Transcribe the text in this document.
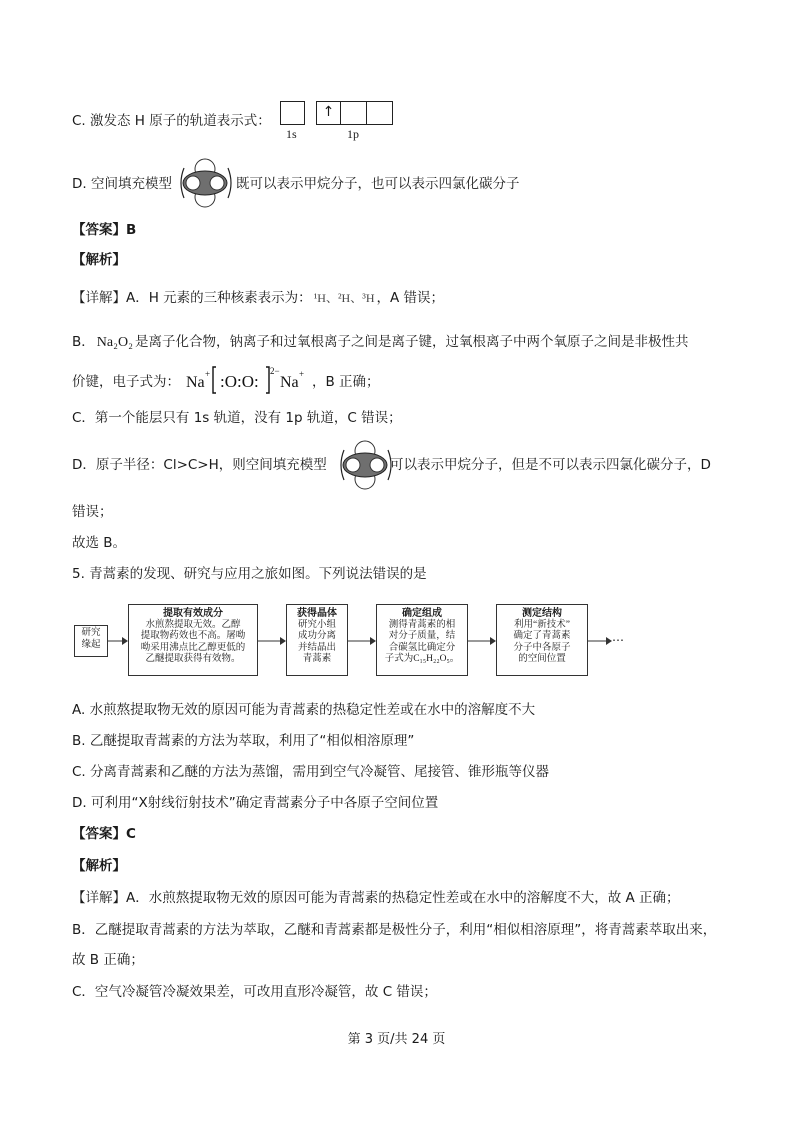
C. 激发态 H 原子的轨道表示式：
↑
1s	1p
D. 空间填充模型	既可以表示甲烷分子，也可以表示四氯化碳分子
【答案】B
【解析】
【详解】A．H 元素的三种核素表示为： ¹H、²H、³H ，A 错误；
B． Na₂O₂ 是离子化合物，钠离子和过氧根离子之间是离子键，过氧根离子中两个氧原子之间是非极性共
价键，电子式为： Na + :O:O:
2−
Na + ，B 正确；
C．第一个能层只有 1s 轨道，没有 1p 轨道，C 错误；
D．原子半径：Cl>C>H，则空间填充模型	可以表示甲烷分子，但是不可以表示四氯化碳分子，D
错误；
故选 B。
5. 青蒿素的发现、研究与应用之旅如图。下列说法错误的是
研究
缘起
提取有效成分
水煎熬提取无效。乙醇
提取物药效也不高。屠呦
呦采用沸点比乙醇更低的
乙醚提取获得有效物。
获得晶体
研究小组
成功分离
并结晶出
青蒿素
确定组成
测得青蒿素的相
对分子质量，结
合碳氢比确定分
子式为C₁₅H₂₂O₅。
测定结构
利用“新技术”
确定了青蒿素
分子中各原子
的空间位置
…
A. 水煎熬提取物无效的原因可能为青蒿素的热稳定性差或在水中的溶解度不大
B. 乙醚提取青蒿素的方法为萃取，利用了“相似相溶原理”
C. 分离青蒿素和乙醚的方法为蒸馏，需用到空气冷凝管、尾接管、锥形瓶等仪器
D. 可利用“X射线衍射技术”确定青蒿素分子中各原子空间位置
【答案】C
【解析】
【详解】A．水煎熬提取物无效的原因可能为青蒿素的热稳定性差或在水中的溶解度不大，故 A 正确；
B．乙醚提取青蒿素的方法为萃取，乙醚和青蒿素都是极性分子，利用“相似相溶原理”，将青蒿素萃取出来，
故 B 正确；
C．空气冷凝管冷凝效果差，可改用直形冷凝管，故 C 错误；
第 3 页/共 24 页
